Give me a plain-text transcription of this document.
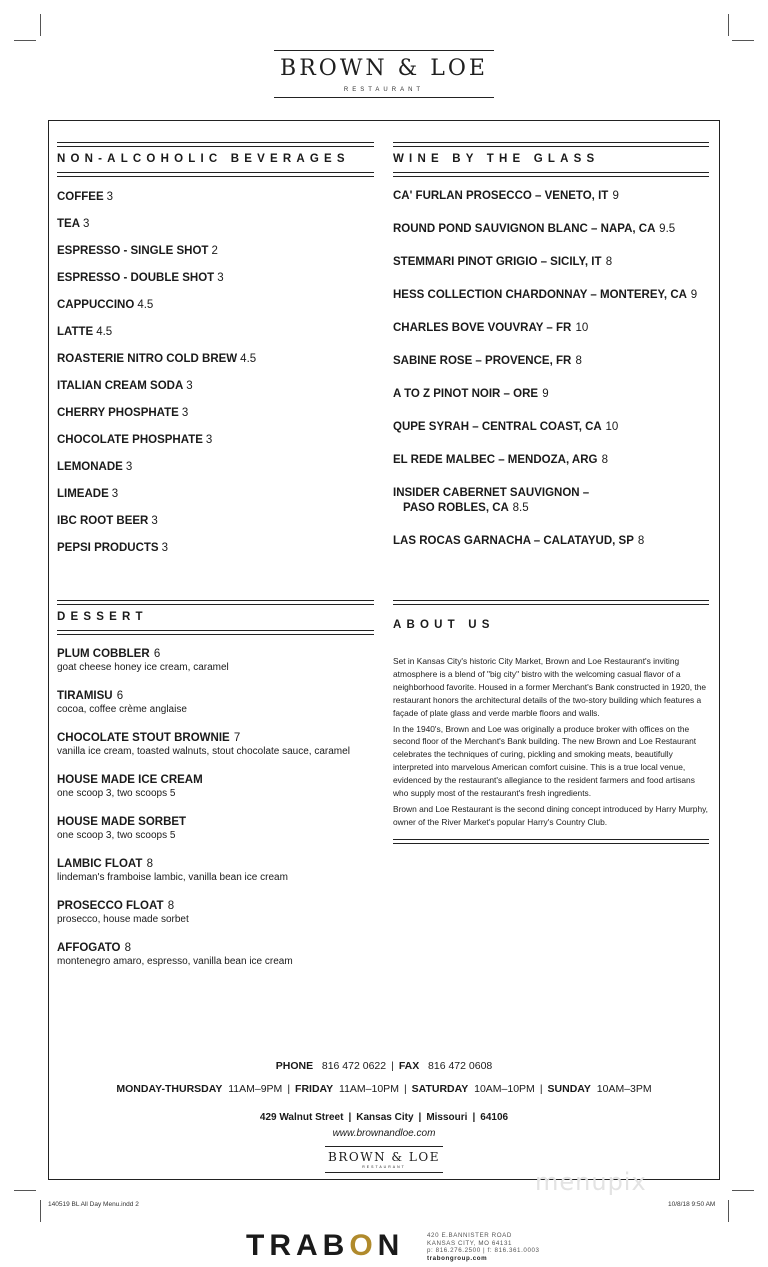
BROWN & LOE
RESTAURANT
NON-ALCOHOLIC BEVERAGES
COFFEE 3
TEA 3
ESPRESSO - SINGLE SHOT 2
ESPRESSO - DOUBLE SHOT 3
CAPPUCCINO 4.5
LATTE 4.5
ROASTERIE NITRO COLD BREW 4.5
ITALIAN CREAM SODA 3
CHERRY PHOSPHATE 3
CHOCOLATE PHOSPHATE 3
LEMONADE 3
LIMEADE 3
IBC ROOT BEER 3
PEPSI PRODUCTS 3
WINE BY THE GLASS
CA' FURLAN PROSECCO – VENETO, IT 9
ROUND POND SAUVIGNON BLANC – NAPA, CA 9.5
STEMMARI PINOT GRIGIO – SICILY, IT 8
HESS COLLECTION CHARDONNAY – MONTEREY, CA 9
CHARLES BOVE VOUVRAY – FR 10
SABINE ROSE – PROVENCE, FR 8
A TO Z PINOT NOIR – ORE 9
QUPE SYRAH – CENTRAL COAST, CA 10
EL REDE MALBEC – MENDOZA, ARG 8
INSIDER CABERNET SAUVIGNON –
PASO ROBLES, CA 8.5
LAS ROCAS GARNACHA – CALATAYUD, SP 8
DESSERT
PLUM COBBLER 6
goat cheese honey ice cream, caramel
TIRAMISU 6
cocoa, coffee crème anglaise
CHOCOLATE STOUT BROWNIE 7
vanilla ice cream, toasted walnuts, stout chocolate sauce, caramel
HOUSE MADE ICE CREAM
one scoop 3, two scoops 5
HOUSE MADE SORBET
one scoop 3, two scoops 5
LAMBIC FLOAT 8
lindeman's framboise lambic, vanilla bean ice cream
PROSECCO FLOAT 8
prosecco, house made sorbet
AFFOGATO 8
montenegro amaro, espresso, vanilla bean ice cream
ABOUT US

Set in Kansas City's historic City Market, Brown and Loe Restaurant's inviting atmosphere is a blend of "big city" bistro with the welcoming casual flavor of a neighborhood favorite. Housed in a former Merchant's Bank constructed in 1920, the restaurant honors the architectural details of the two-story building which features a façade of plate glass and verde marble floors and walls.

In the 1940's, Brown and Loe was originally a produce broker with offices on the second floor of the Merchant's Bank building. The new Brown and Loe Restaurant celebrates the techniques of curing, pickling and smoking meats, beautifully interpreted into marvelous American comfort cuisine. This is a true local venue, evidenced by the restaurant's allegiance to the resident farmers and food artisans who supply most of the restaurant's fresh ingredients.

Brown and Loe Restaurant is the second dining concept introduced by Harry Murphy, owner of the River Market's popular Harry's Country Club.

PHONE 816 472 0622 | FAX 816 472 0608
MONDAY-THURSDAY 11AM–9PM | FRIDAY 11AM–10PM | SATURDAY 10AM–10PM | SUNDAY 10AM–3PM
429 Walnut Street | Kansas City | Missouri | 64106
www.brownandloe.com
BROWN & LOE
RESTAURANT
menupix
140519 BL All Day Menu.indd 2	10/8/18 9:50 AM
TRABON	420 E.BANNISTER ROAD
KANSAS CITY, MO 64131
p: 816.276.2500 | f: 816.361.0003
trabongroup.com
